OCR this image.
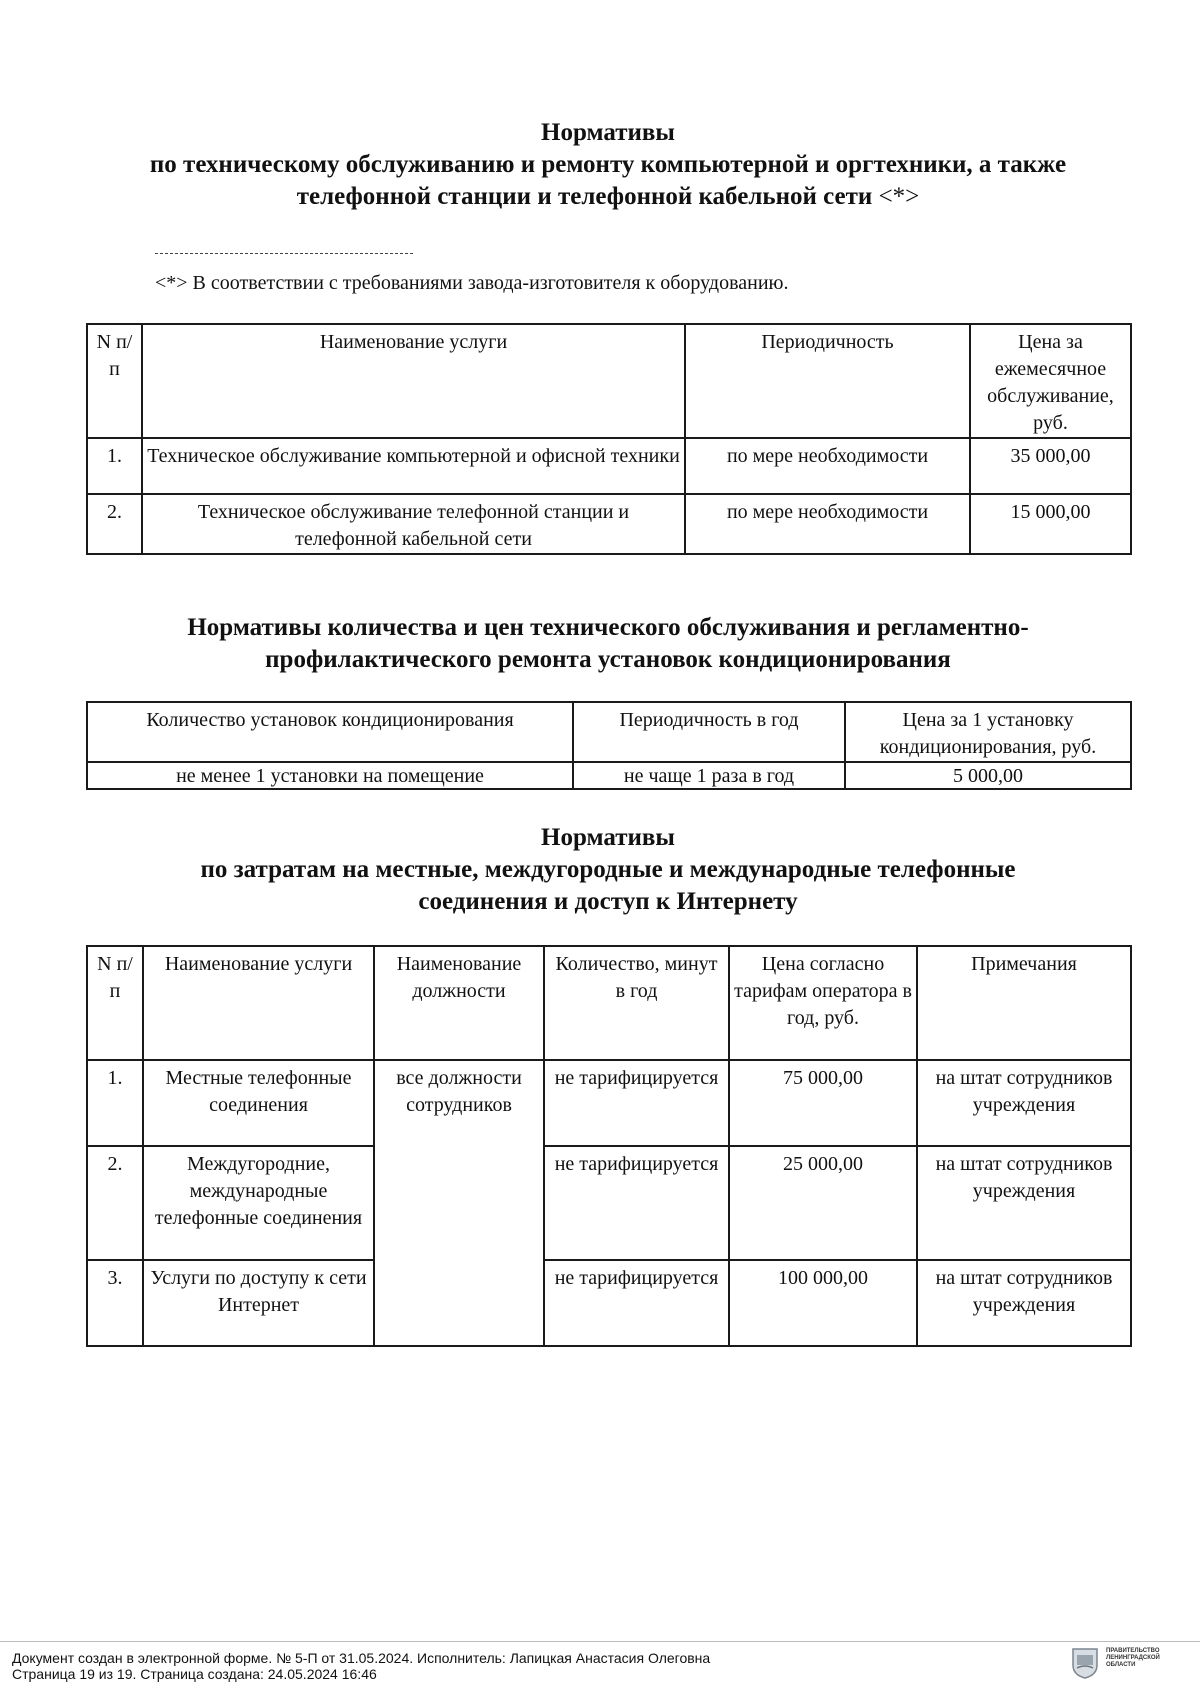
Нормативы
по техническому обслуживанию и ремонту компьютерной и оргтехники, а также
телефонной станции и телефонной кабельной сети <*>
<*> В соответствии с требованиями завода-изготовителя к оборудованию.
N п/п	Наименование услуги	Периодичность	Цена за ежемесячное обслуживание, руб.
1.	Техническое обслуживание компьютерной и офисной техники	по мере необходимости	35 000,00
2.	Техническое обслуживание телефонной станции и телефонной кабельной сети	по мере необходимости	15 000,00
Нормативы количества и цен технического обслуживания и регламентно-
профилактического ремонта установок кондиционирования
Количество установок кондиционирования	Периодичность в год	Цена за 1 установку кондиционирования, руб.
не менее 1 установки на помещение	не чаще 1 раза в год	5 000,00
Нормативы
по затратам на местные, междугородные и международные телефонные
соединения и доступ к Интернету
N п/п	Наименование услуги	Наименование должности	Количество, минут в год	Цена согласно тарифам оператора в год, руб.	Примечания
1.	Местные телефонные соединения	все должности сотрудников	не тарифицируется	75 000,00	на штат сотрудников учреждения
2.	Междугородние, международные телефонные соединения		не тарифицируется	25 000,00	на штат сотрудников учреждения
3.	Услуги по доступу к сети Интернет		не тарифицируется	100 000,00	на штат сотрудников учреждения
Документ создан в электронной форме. № 5-П от 31.05.2024. Исполнитель: Лапицкая Анастасия Олеговна
Страница 19 из 19. Страница создана: 24.05.2024 16:46
ПРАВИТЕЛЬСТВО
ЛЕНИНГРАДСКОЙ
ОБЛАСТИ
